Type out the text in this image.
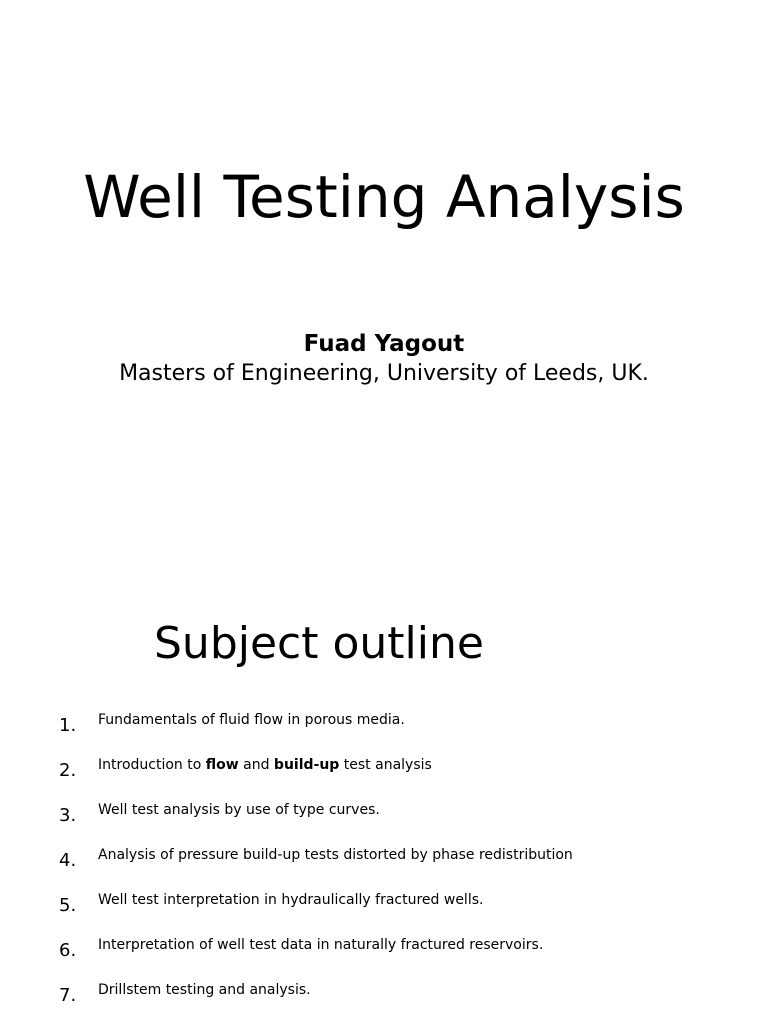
Well Testing Analysis
Fuad Yagout
Masters of Engineering, University of Leeds, UK.
Subject outline
1. Fundamentals of fluid flow in porous media.
2. Introduction to flow and build-up test analysis
3. Well test analysis by use of type curves.
4. Analysis of pressure build-up tests distorted by phase redistribution
5. Well test interpretation in hydraulically fractured wells.
6. Interpretation of well test data in naturally fractured reservoirs.
7. Drillstem testing and analysis.
